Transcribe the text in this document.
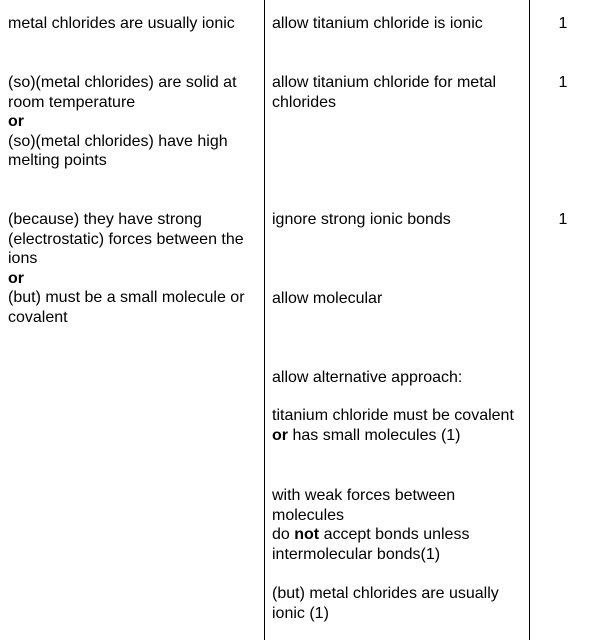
metal chlorides are usually ionic	allow titanium chloride is ionic	1

(so)(metal chlorides) are solid at room temperature

or

(so)(metal chlorides) have high melting points

allow titanium chloride for metal chlorides

1

(because) they have strong (electrostatic) forces between the ions

or

(but) must be a small molecule or covalent

ignore strong ionic bonds

allow molecular

1

allow alternative approach:

titanium chloride must be covalent or has small molecules (1)

with weak forces between molecules

do not accept bonds unless intermolecular bonds(1)

(but) metal chlorides are usually ionic (1)
